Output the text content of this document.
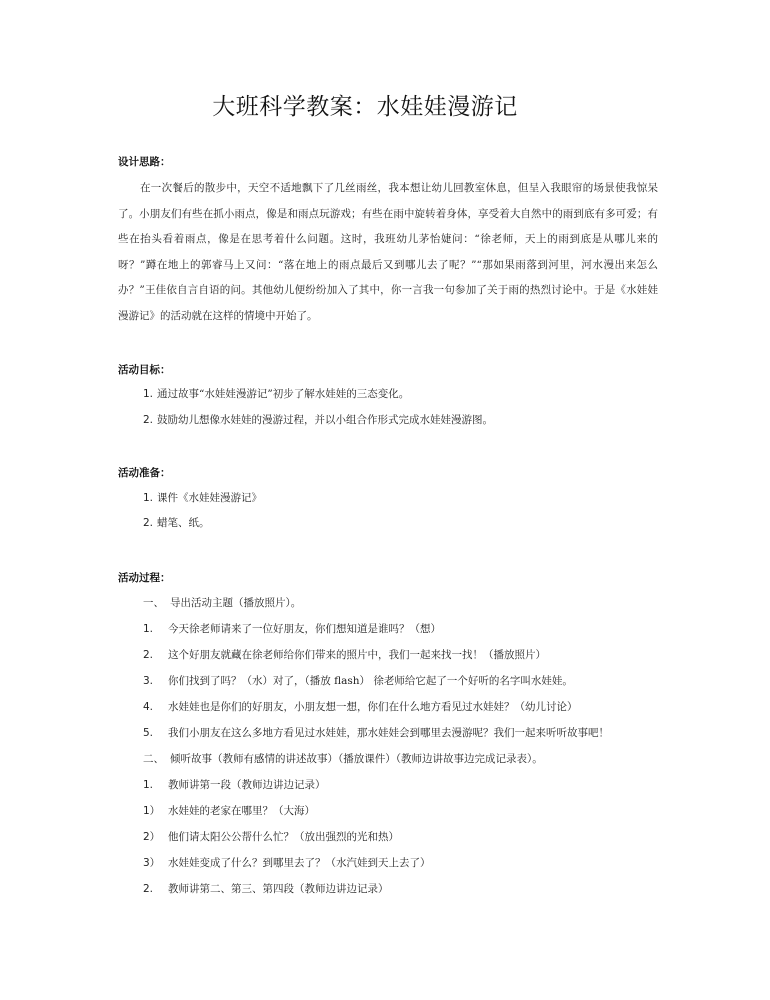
大班科学教案：水娃娃漫游记
设计思路：
在一次餐后的散步中，天空不适地飘下了几丝雨丝，我本想让幼儿回教室休息，但呈入我眼帘的场景使我惊呆了。小朋友们有些在抓小雨点，像是和雨点玩游戏；有些在雨中旋转着身体，享受着大自然中的雨到底有多可爱；有些在抬头看着雨点，像是在思考着什么问题。这时，我班幼儿茅怡婕问：“徐老师，天上的雨到底是从哪儿来的呀？”蹲在地上的郭睿马上又问：“落在地上的雨点最后又到哪儿去了呢？”“那如果雨落到河里，河水漫出来怎么办？”王佳依自言自语的问。其他幼儿便纷纷加入了其中，你一言我一句参加了关于雨的热烈讨论中。于是《水娃娃漫游记》的活动就在这样的情境中开始了。
活动目标：
1. 通过故事“水娃娃漫游记”初步了解水娃娃的三态变化。
2. 鼓励幼儿想像水娃娃的漫游过程，并以小组合作形式完成水娃娃漫游图。
活动准备：
1. 课件《水娃娃漫游记》
2. 蜡笔、纸。
活动过程：
一、 导出活动主题（播放照片）。
1. 今天徐老师请来了一位好朋友，你们想知道是谁吗？（想）
2. 这个好朋友就藏在徐老师给你们带来的照片中，我们一起来找一找！（播放照片）
3. 你们找到了吗？（水）对了，（播放 flash） 徐老师给它起了一个好听的名字叫水娃娃。
4. 水娃娃也是你们的好朋友，小朋友想一想，你们在什么地方看见过水娃娃？（幼儿讨论）
5. 我们小朋友在这么多地方看见过水娃娃，那水娃娃会到哪里去漫游呢？我们一起来听听故事吧！
二、 倾听故事（教师有感情的讲述故事）（播放课件）（教师边讲故事边完成记录表）。
1. 教师讲第一段（教师边讲边记录）
1） 水娃娃的老家在哪里？（大海）
2） 他们请太阳公公帮什么忙？（放出强烈的光和热）
3） 水娃娃变成了什么？到哪里去了？（水汽娃到天上去了）
2. 教师讲第二、第三、第四段（教师边讲边记录）
